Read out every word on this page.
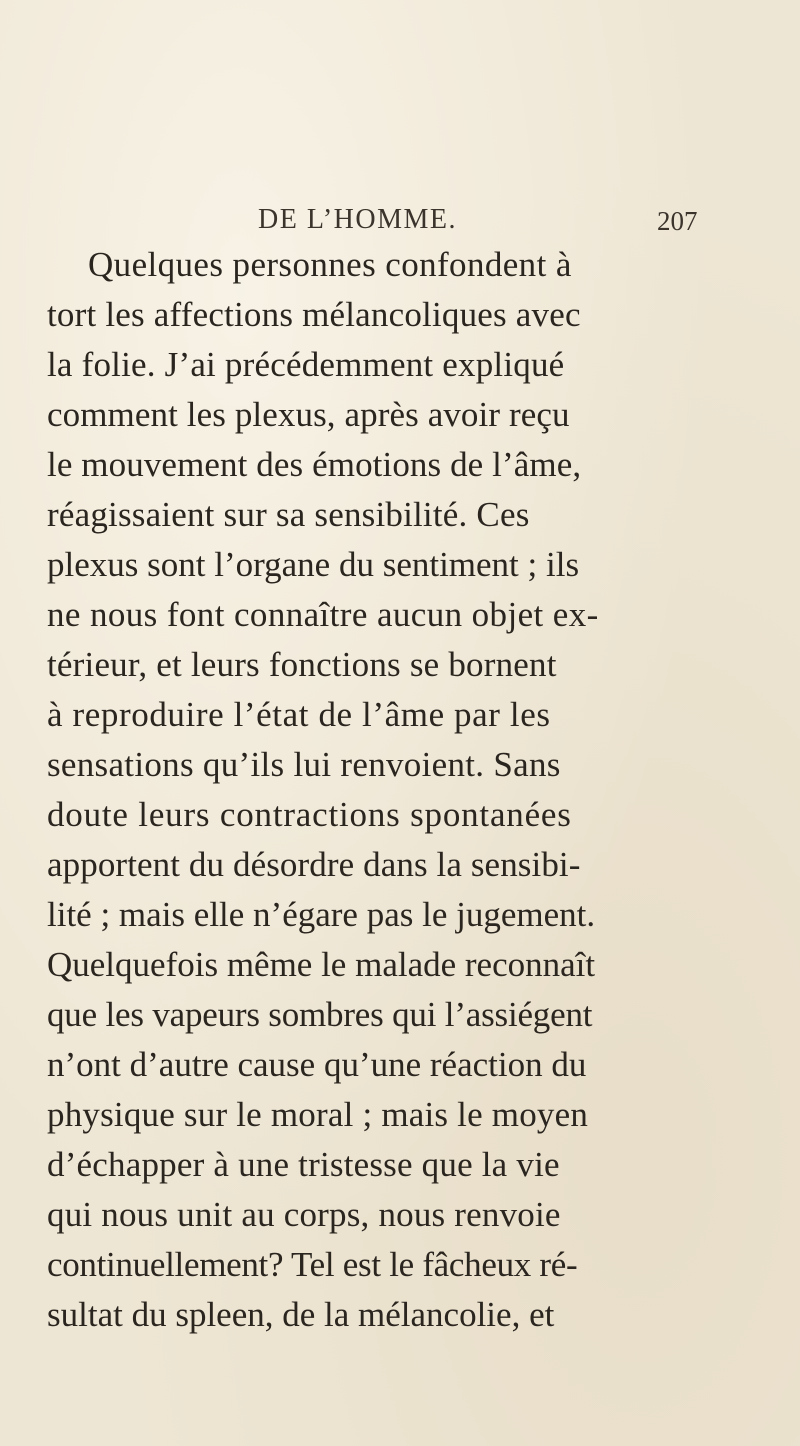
DE L’HOMME.	207
Quelques personnes confondent à
tort les affections mélancoliques avec
la folie. J’ai précédemment expliqué
comment les plexus, après avoir reçu
le mouvement des émotions de l’âme,
réagissaient sur sa sensibilité. Ces
plexus sont l’organe du sentiment ; ils
ne nous font connaître aucun objet ex-
térieur, et leurs fonctions se bornent
à reproduire l’état de l’âme par les
sensations qu’ils lui renvoient. Sans
doute leurs contractions spontanées
apportent du désordre dans la sensibi-
lité ; mais elle n’égare pas le jugement.
Quelquefois même le malade reconnaît
que les vapeurs sombres qui l’assiégent
n’ont d’autre cause qu’une réaction du
physique sur le moral ; mais le moyen
d’échapper à une tristesse que la vie
qui nous unit au corps, nous renvoie
continuellement? Tel est le fâcheux ré-
sultat du spleen, de la mélancolie, et
